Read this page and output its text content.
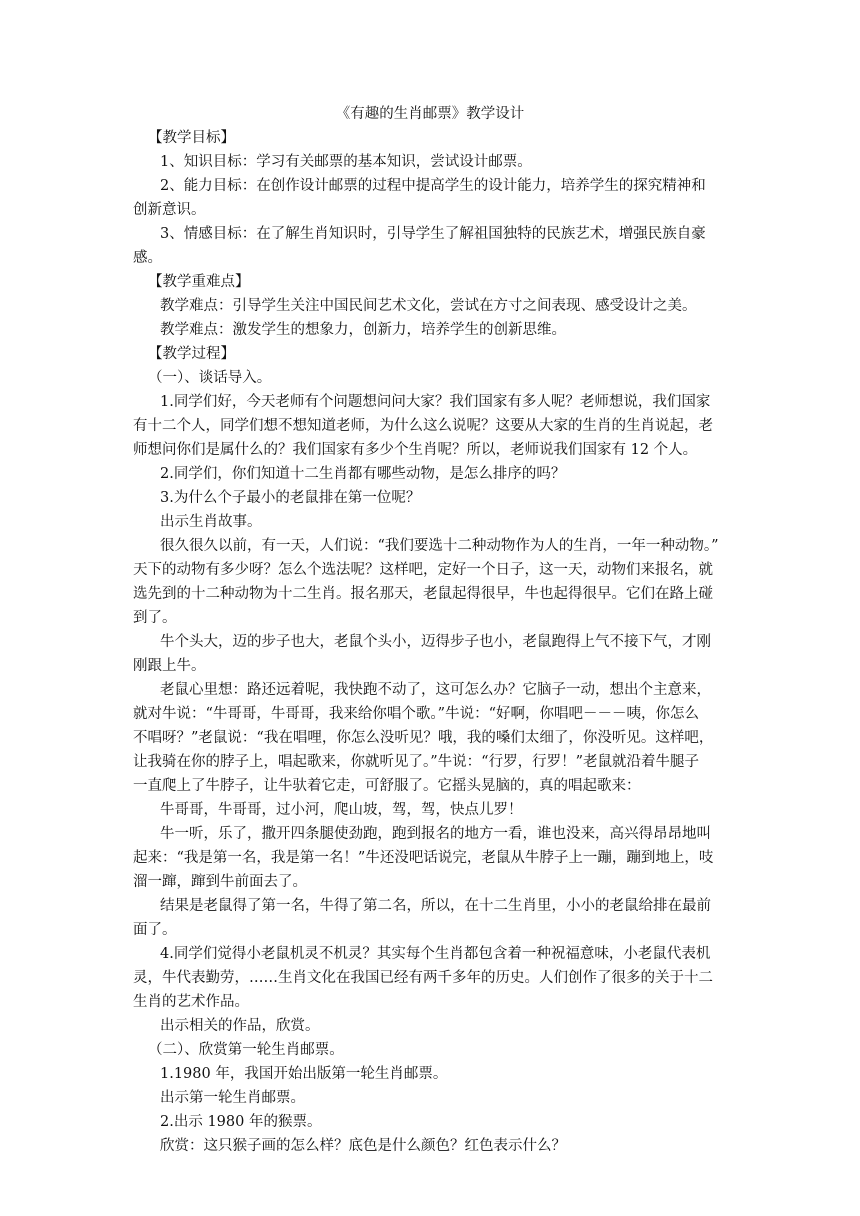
《有趣的生肖邮票》教学设计
【教学目标】
1、知识目标：学习有关邮票的基本知识，尝试设计邮票。
2、能力目标：在创作设计邮票的过程中提高学生的设计能力，培养学生的探究精神和
创新意识。
3、情感目标：在了解生肖知识时，引导学生了解祖国独特的民族艺术，增强民族自豪
感。
【教学重难点】
教学难点：引导学生关注中国民间艺术文化，尝试在方寸之间表现、感受设计之美。
教学难点：激发学生的想象力，创新力，培养学生的创新思维。
【教学过程】
（一）、谈话导入。
1.同学们好，今天老师有个问题想问问大家？我们国家有多人呢？老师想说，我们国家
有十二个人，同学们想不想知道老师，为什么这么说呢？这要从大家的生肖的生肖说起，老
师想问你们是属什么的？我们国家有多少个生肖呢？所以，老师说我们国家有 12 个人。
2.同学们，你们知道十二生肖都有哪些动物，是怎么排序的吗？
3.为什么个子最小的老鼠排在第一位呢？
出示生肖故事。
很久很久以前，有一天，人们说：“我们要选十二种动物作为人的生肖，一年一种动物。”
天下的动物有多少呀？怎么个选法呢？这样吧，定好一个日子，这一天，动物们来报名，就
选先到的十二种动物为十二生肖。报名那天，老鼠起得很早，牛也起得很早。它们在路上碰
到了。
牛个头大，迈的步子也大，老鼠个头小，迈得步子也小，老鼠跑得上气不接下气，才刚
刚跟上牛。
老鼠心里想：路还远着呢，我快跑不动了，这可怎么办？它脑子一动，想出个主意来，
就对牛说：“牛哥哥，牛哥哥，我来给你唱个歌。”牛说：“好啊，你唱吧－－－咦，你怎么
不唱呀？”老鼠说：“我在唱哩，你怎么没听见？哦，我的嗓们太细了，你没听见。这样吧，
让我骑在你的脖子上，唱起歌来，你就听见了。”牛说：“行罗，行罗！”老鼠就沿着牛腿子
一直爬上了牛脖子，让牛驮着它走，可舒服了。它摇头晃脑的，真的唱起歌来：
牛哥哥，牛哥哥，过小河，爬山坡，驾，驾，快点儿罗！
牛一听，乐了，撒开四条腿使劲跑，跑到报名的地方一看，谁也没来，高兴得昂昂地叫
起来：“我是第一名，我是第一名！”牛还没吧话说完，老鼠从牛脖子上一蹦，蹦到地上，吱
溜一蹿，蹿到牛前面去了。
结果是老鼠得了第一名，牛得了第二名，所以，在十二生肖里，小小的老鼠给排在最前
面了。
4.同学们觉得小老鼠机灵不机灵？其实每个生肖都包含着一种祝福意味，小老鼠代表机
灵，牛代表勤劳，……生肖文化在我国已经有两千多年的历史。人们创作了很多的关于十二
生肖的艺术作品。
出示相关的作品，欣赏。
（二）、欣赏第一轮生肖邮票。
1.1980 年，我国开始出版第一轮生肖邮票。
出示第一轮生肖邮票。
2.出示 1980 年的猴票。
欣赏：这只猴子画的怎么样？底色是什么颜色？红色表示什么？
